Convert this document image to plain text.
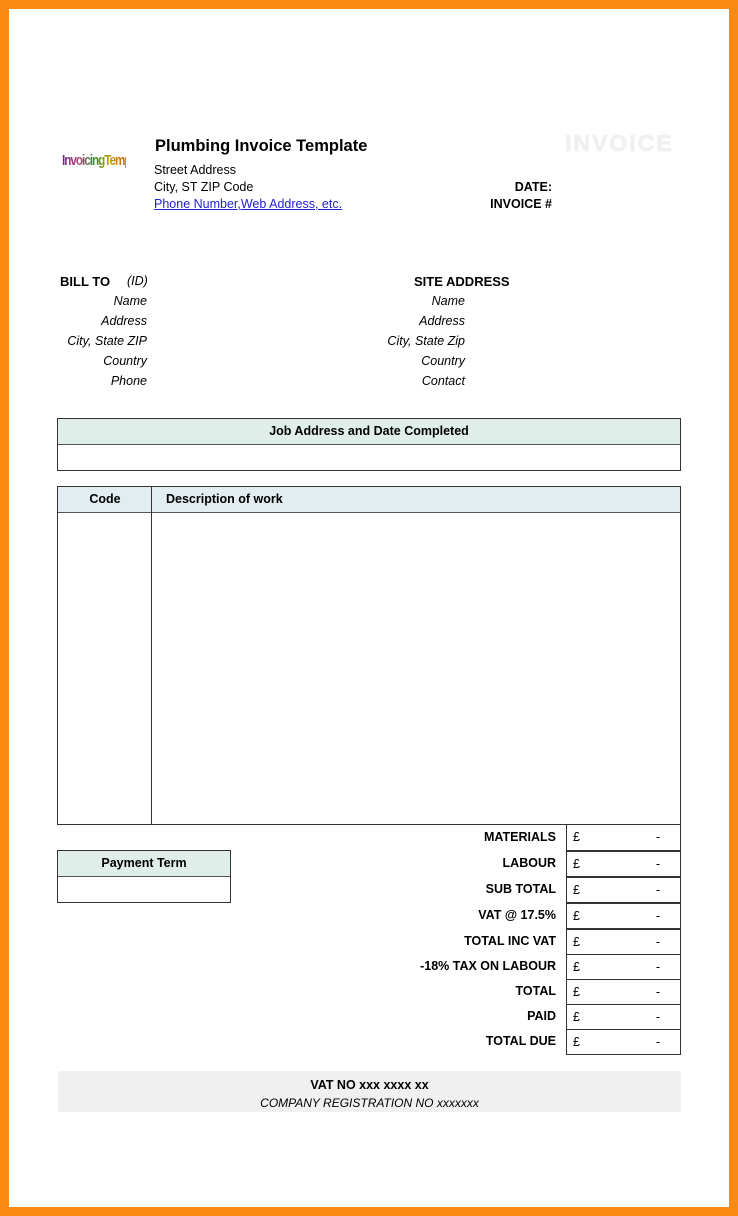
InvoicingTemplates
Plumbing Invoice Template
Street Address
City, ST ZIP Code
Phone Number,Web Address, etc.
INVOICE
DATE:
INVOICE #
BILL TO (ID)
Name
Address
City, State ZIP
Country
Phone
SITE ADDRESS
Name
Address
City, State Zip
Country
Contact
Job Address and Date Completed
Code	Description of work
Payment Term
MATERIALS £	-
LABOUR £	-
SUB TOTAL £	-
VAT @ 17.5% £	-
TOTAL INC VAT £	-
-18% TAX ON LABOUR £	-
TOTAL £	-
PAID £	-
TOTAL DUE £	-
VAT NO xxx xxxx xx
COMPANY REGISTRATION NO xxxxxxx
